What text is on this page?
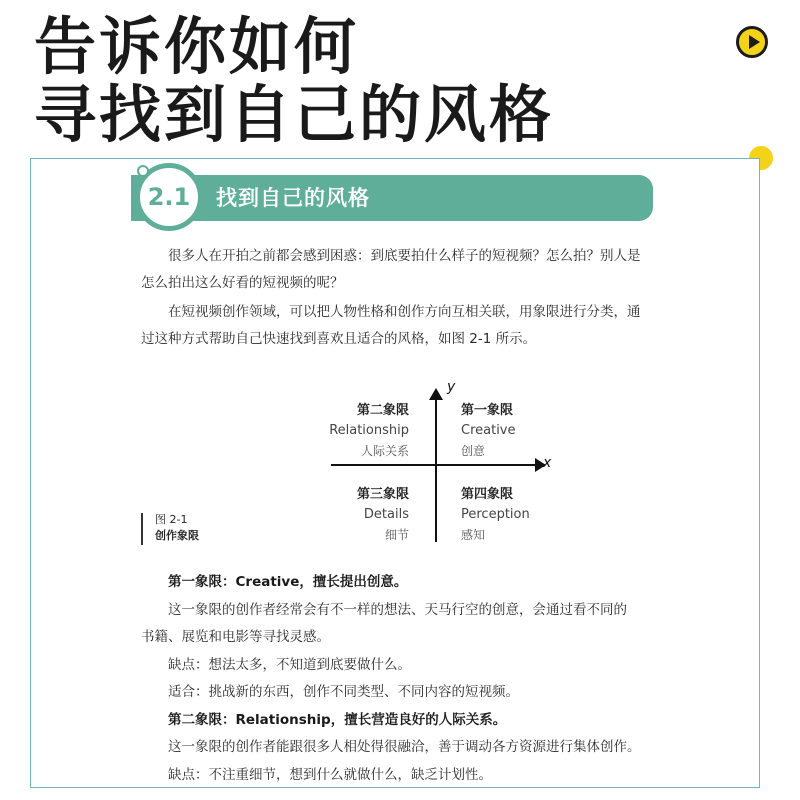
告诉你如何
寻找到自己的风格
找到自己的风格
2.1

很多人在开拍之前都会感到困惑：到底要拍什么样子的短视频？怎么拍？别人是怎么拍出这么好看的短视频的呢？

在短视频创作领域，可以把人物性格和创作方向互相关联，用象限进行分类，通过这种方式帮助自己快速找到喜欢且适合的风格，如图 2-1 所示。

y
x
第二象限
Relationship
人际关系
第一象限
Creative
创意
第三象限
Details
细节
第四象限
Perception
感知
图 2-1
创作象限

第一象限：Creative，擅长提出创意。

这一象限的创作者经常会有不一样的想法、天马行空的创意，会通过看不同的

书籍、展览和电影等寻找灵感。

缺点：想法太多，不知道到底要做什么。

适合：挑战新的东西，创作不同类型、不同内容的短视频。

第二象限：Relationship，擅长营造良好的人际关系。

这一象限的创作者能跟很多人相处得很融洽，善于调动各方资源进行集体创作。

缺点：不注重细节，想到什么就做什么，缺乏计划性。
